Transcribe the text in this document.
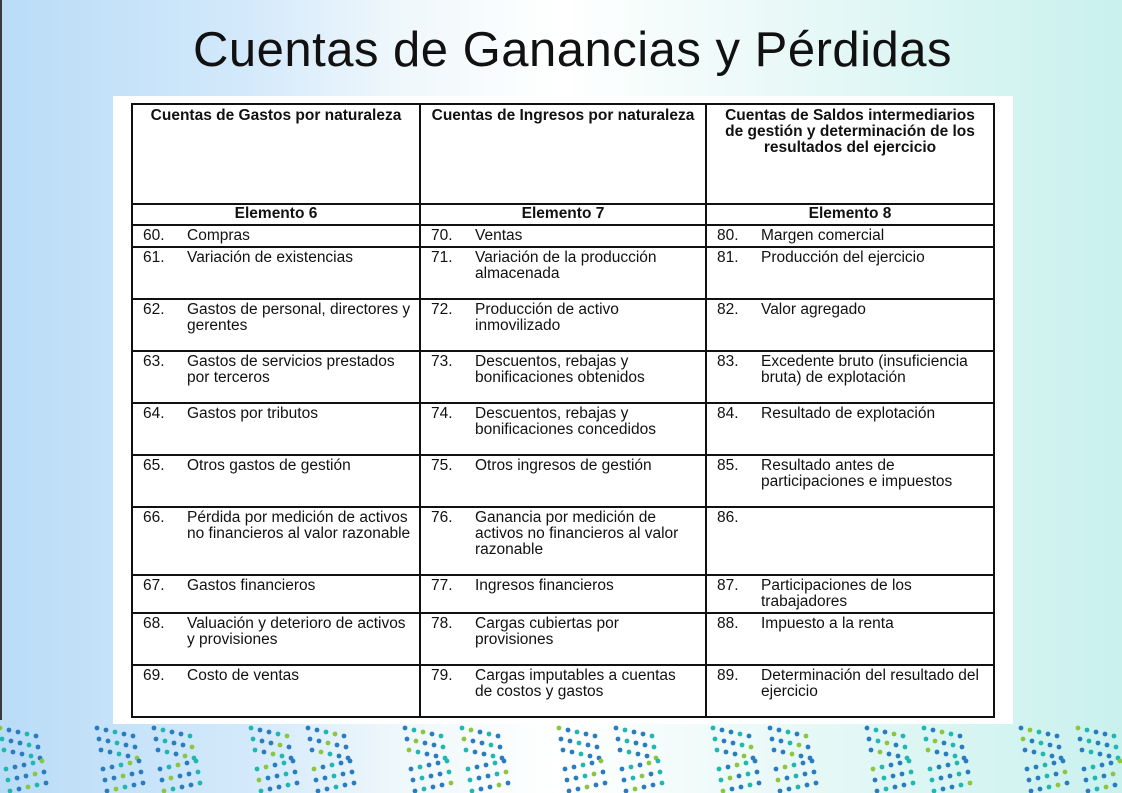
Cuentas de Ganancias y Pérdidas
Cuentas de Gastos por naturaleza	Cuentas de Ingresos por naturaleza	Cuentas de Saldos intermediarios de gestión y determinación de los resultados del ejercicio
Elemento 6	Elemento 7	Elemento 8

60. Compras	70. Ventas	80. Margen comercial

61. Variación de existencias	71. Variación de la producción almacenada	81. Producción del ejercicio

62. Gastos de personal, directores y gerentes	72. Producción de activo inmovilizado	82. Valor agregado

63. Gastos de servicios prestados por terceros	73. Descuentos, rebajas y bonificaciones obtenidos	83. Excedente bruto (insuficiencia bruta) de explotación

64. Gastos por tributos	74. Descuentos, rebajas y bonificaciones concedidos	84. Resultado de explotación

65. Otros gastos de gestión	75. Otros ingresos de gestión	85. Resultado antes de participaciones e impuestos

66. Pérdida por medición de activos no financieros al valor razonable	76. Ganancia por medición de activos no financieros al valor razonable	86.

67. Gastos financieros	77. Ingresos financieros	87. Participaciones de los trabajadores

68. Valuación y deterioro de activos y provisiones	78. Cargas cubiertas por provisiones	88. Impuesto a la renta

69. Costo de ventas	79. Cargas imputables a cuentas de costos y gastos	89. Determinación del resultado del ejercicio
